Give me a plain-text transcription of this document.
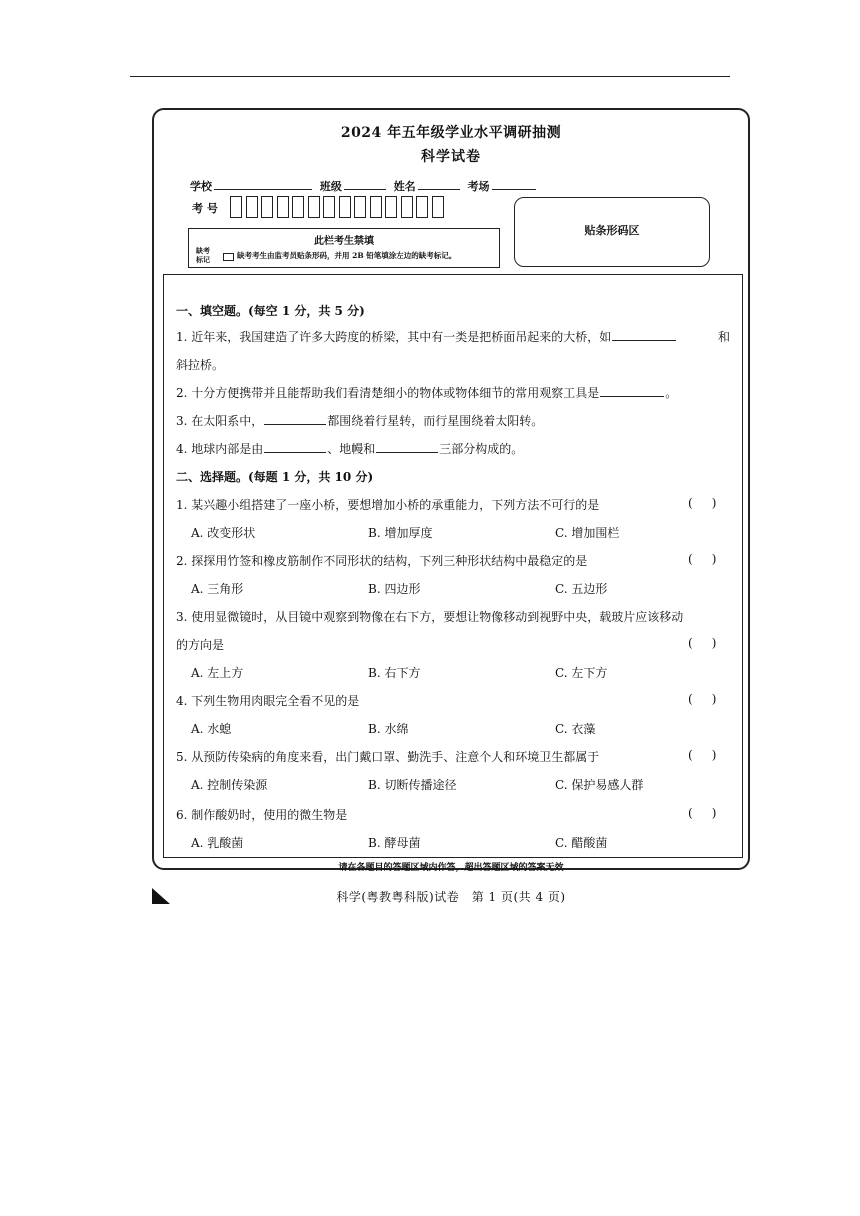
2024 年五年级学业水平调研抽测
科学试卷
学校	班级	姓名	考场
考 号
此栏考生禁填
缺考
标记	缺考考生由监考员贴条形码，并用 2B 铅笔填涂左边的缺考标记。
贴条形码区
一、填空题。(每空 1 分，共 5 分)
1. 近年来，我国建造了许多大跨度的桥梁，其中有一类是把桥面吊起来的大桥，如	和
斜拉桥。
2. 十分方便携带并且能帮助我们看清楚细小的物体或物体细节的常用观察工具是	。
3. 在太阳系中，	都围绕着行星转，而行星围绕着太阳转。
4. 地球内部是由	、地幔和	三部分构成的。
二、选择题。(每题 1 分，共 10 分)
1. 某兴趣小组搭建了一座小桥，要想增加小桥的承重能力，下列方法不可行的是	(     )
A. 改变形状	B. 增加厚度	C. 增加围栏
2. 探探用竹签和橡皮筋制作不同形状的结构，下列三种形状结构中最稳定的是	(     )
A. 三角形	B. 四边形	C. 五边形
3. 使用显微镜时，从目镜中观察到物像在右下方，要想让物像移动到视野中央，载玻片应该移动
的方向是	(     )
A. 左上方	B. 右下方	C. 左下方
4. 下列生物用肉眼完全看不见的是	(     )
A. 水螅	B. 水绵	C. 衣藻
5. 从预防传染病的角度来看，出门戴口罩、勤洗手、注意个人和环境卫生都属于	(     )
A. 控制传染源	B. 切断传播途径	C. 保护易感人群
6. 制作酸奶时，使用的微生物是	(     )
A. 乳酸菌	B. 酵母菌	C. 醋酸菌
请在各题目的答题区域内作答，超出答题区域的答案无效
科学(粤教粤科版)试卷　第 1 页(共 4 页)
